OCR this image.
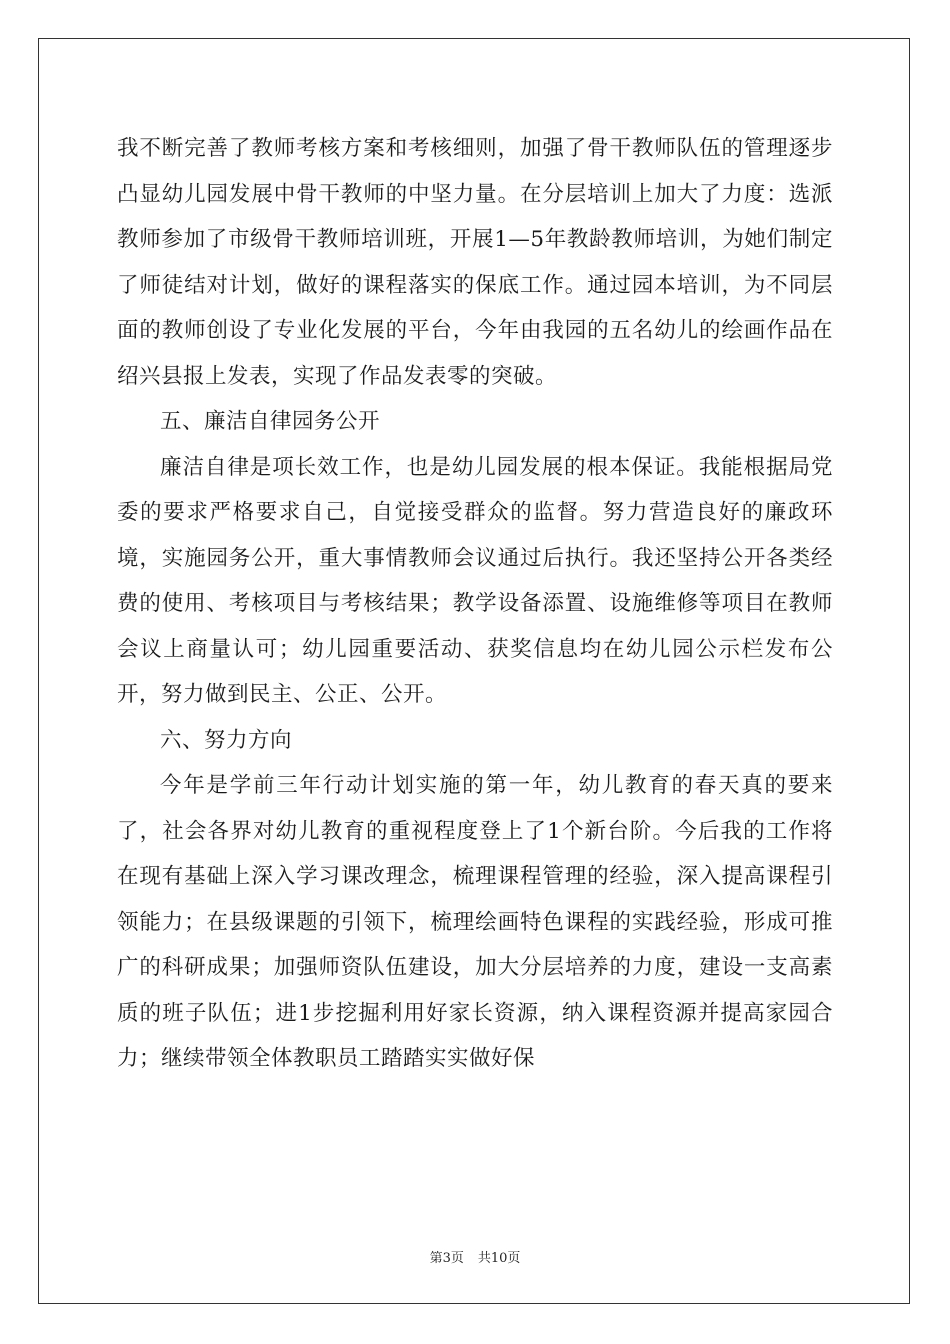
我不断完善了教师考核方案和考核细则，加强了骨干教师队伍的管理逐步凸显幼儿园发展中骨干教师的中坚力量。在分层培训上加大了力度：选派教师参加了市级骨干教师培训班，开展1—5年教龄教师培训，为她们制定了师徒结对计划，做好的课程落实的保底工作。通过园本培训，为不同层面的教师创设了专业化发展的平台，今年由我园的五名幼儿的绘画作品在绍兴县报上发表，实现了作品发表零的突破。

五、廉洁自律园务公开

廉洁自律是项长效工作，也是幼儿园发展的根本保证。我能根据局党委的要求严格要求自己，自觉接受群众的监督。努力营造良好的廉政环境，实施园务公开，重大事情教师会议通过后执行。我还坚持公开各类经费的使用、考核项目与考核结果；教学设备添置、设施维修等项目在教师会议上商量认可；幼儿园重要活动、获奖信息均在幼儿园公示栏发布公开，努力做到民主、公正、公开。

六、努力方向

今年是学前三年行动计划实施的第一年，幼儿教育的春天真的要来了，社会各界对幼儿教育的重视程度登上了1个新台阶。今后我的工作将在现有基础上深入学习课改理念，梳理课程管理的经验，深入提高课程引领能力；在县级课题的引领下，梳理绘画特色课程的实践经验，形成可推广的科研成果；加强师资队伍建设，加大分层培养的力度，建设一支高素质的班子队伍；进1步挖掘利用好家长资源，纳入课程资源并提高家园合力；继续带领全体教职员工踏踏实实做好保

第3页 共10页
